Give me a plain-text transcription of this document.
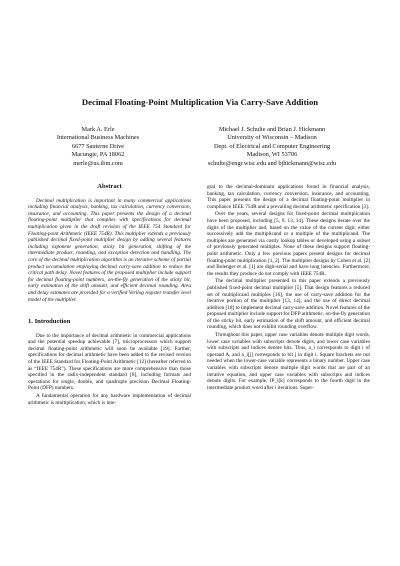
Decimal Floating-Point Multiplication Via Carry-Save Addition
Mark A. Erle
International Business Machines
6677 Sauterne Drive
Macungie, PA 18062
merle@us.ibm.com
Michael J. Schulte and Brian J. Hickmann
University of Wisconsin – Madison
Dept. of Electrical and Computer Engineering
Madison, WI 53706
schulte@engr.wisc.edu and bjhickmann@wisc.edu
Abstract

Decimal multiplication is important in many commercial applications including financial analysis, banking, tax calculation, currency conversion, insurance, and accounting. This paper presents the design of a decimal floating-point multiplier that complies with specifications for decimal multiplication given in the draft revision of the IEEE 754 Standard for Floating-point Arithmetic (IEEE 754R). This multiplier extends a previously published decimal fixed-point multiplier design by adding several features including exponent generation, sticky bit generation, shifting of the intermediate product, rounding, and exception detection and handling. The core of the decimal multiplication algorithm is an iterative scheme of partial product accumulation employing decimal carry-save addition to reduce the critical path delay. Novel features of the proposed multiplier include support for decimal floating-point numbers, on-the-fly generation of the sticky bit, early estimation of the shift amount, and efficient decimal rounding. Area and delay estimates are provided for a verified Verilog register transfer level model of the multiplier.

1. Introduction

Due to the importance of decimal arithmetic in commercial applications and the potential speedup achievable [7], microprocessors which support decimal floating-point arithmetic will soon be available [19]. Further, specifications for decimal arithmetic have been added to the revised version of the IEEE Standard for Floating-Point Arithmetic [12] (hereafter referred to as “IEEE 754R”). These specifications are more comprehensive than those specified in the radix-independent standard [8], including formats and operations for single, double, and quadruple precision Decimal Floating-Point (DFP) numbers.

A fundamental operation for any hardware implementation of decimal arithmetic is multiplication, which is inte-

gral to the decimal-dominant applications found in financial analysis, banking, tax calculation, currency conversion, insurance, and accounting. This paper presents the design of a decimal floating-point multiplier in compliance IEEE 754R and a prevailing decimal arithmetic specification [3].

Over the years, several designs for fixed-point decimal multiplication have been proposed, including [5, 9, 13, 14]. These designs iterate over the digits of the multiplier and, based on the value of the current digit, either successively add the multiplicand or a multiple of the multiplicand. The multiples are generated via costly lookup tables or developed using a subset of previously generated multiples. None of these designs support floating-point arithmetic. Only a few previous papers present designs for decimal floating-point multiplication [1, 2]. The multiplier designs by Cohen et al. [2] and Bolenger et al. [1] are digit-serial and have long latencies. Furthermore, the results they produce do not comply with IEEE 754R.

The decimal multiplier presented in this paper extends a previously published fixed-point decimal multiplier [5]. That design features a reduced set of multiplicand multiples [16], the use of carry-save addition for the iterative portion of the multiplier [13, 14], and the use of direct decimal addition [18] to implement decimal carry-save addition. Novel features of the proposed multiplier include support for DFP arithmetic, on-the-fly generation of the sticky bit, early estimation of the shift amount, and efficient decimal rounding, which does not exhibit rounding overflow.

Throughout this paper, upper case variables denote multiple digit words, lower case variables with subscripts denote digits, and lower case variables with subscripts and indices denote bits. Thus, a_i corresponds to digit i of operand A, and a_i[j] corresponds to bit j in digit i. Square brackets are not needed when the lower-case variable represents a binary number. Upper case variables with subscripts denote multiple digit words that are part of an iterative equation, and upper case variables with subscripts and indices denote digits. For example, IP_i[k] corresponds to the fourth digit in the intermediate product word after i iterations. Super-
